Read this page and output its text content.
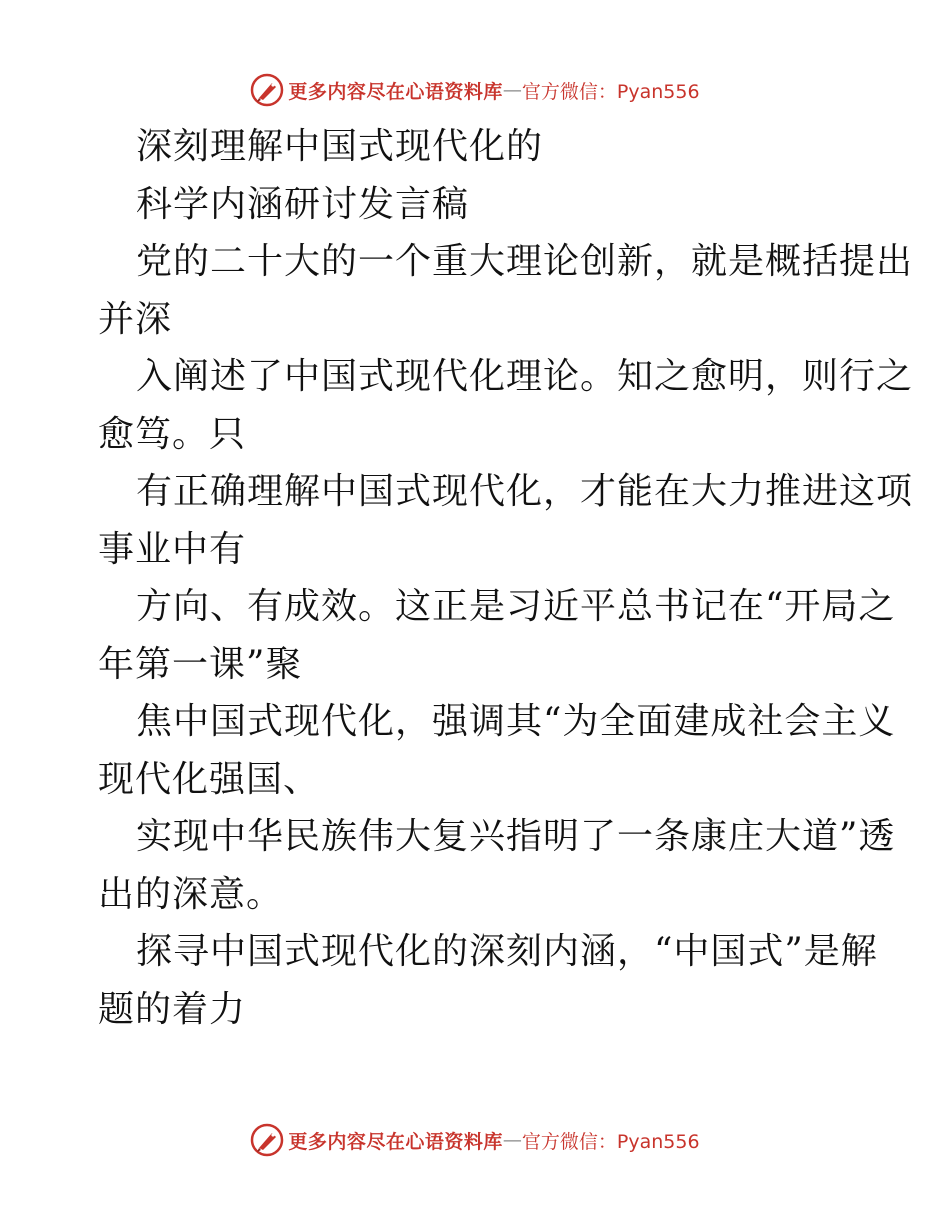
更多内容尽在心语资料库 — 官方微信：Pyan556
深刻理解中国式现代化的
科学内涵研讨发言稿
党的二十大的一个重大理论创新，就是概括提出
并深
入阐述了中国式现代化理论。知之愈明，则行之
愈笃。只
有正确理解中国式现代化，才能在大力推进这项
事业中有
方向、有成效。这正是习近平总书记在“开局之
年第一课”聚
焦中国式现代化，强调其“为全面建成社会主义
现代化强国、
实现中华民族伟大复兴指明了一条康庄大道”透
出的深意。
探寻中国式现代化的深刻内涵，“中国式”是解
题的着力
更多内容尽在心语资料库 — 官方微信：Pyan556
